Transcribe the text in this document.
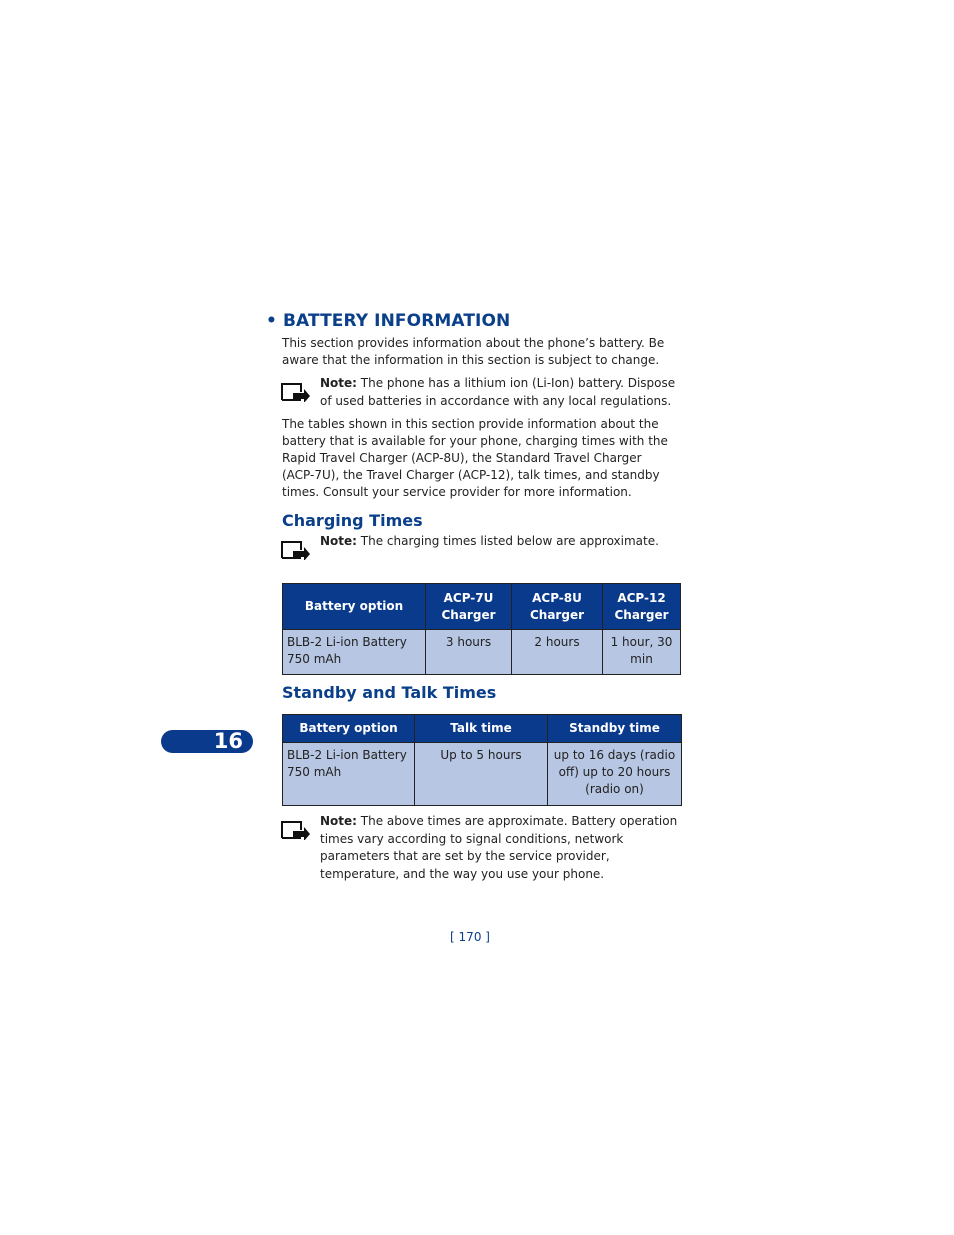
• BATTERY INFORMATION
This section provides information about the phone’s battery. Be aware that the information in this section is subject to change.
Note: The phone has a lithium ion (Li-Ion) battery. Dispose of used batteries in accordance with any local regulations.
The tables shown in this section provide information about the battery that is available for your phone, charging times with the Rapid Travel Charger (ACP-8U), the Standard Travel Charger (ACP-7U), the Travel Charger (ACP-12), talk times, and standby times. Consult your service provider for more information.
Charging Times
Note: The charging times listed below are approximate.
Battery option	ACP-7U Charger	ACP-8U Charger	ACP-12 Charger
BLB-2 Li-ion Battery 750 mAh	3 hours	2 hours	1 hour, 30 min
Standby and Talk Times
Battery option	Talk time	Standby time
BLB-2 Li-ion Battery 750 mAh	Up to 5 hours	up to 16 days (radio off) up to 20 hours (radio on)
Note: The above times are approximate. Battery operation times vary according to signal conditions, network parameters that are set by the service provider, temperature, and the way you use your phone.
16
[ 170 ]
